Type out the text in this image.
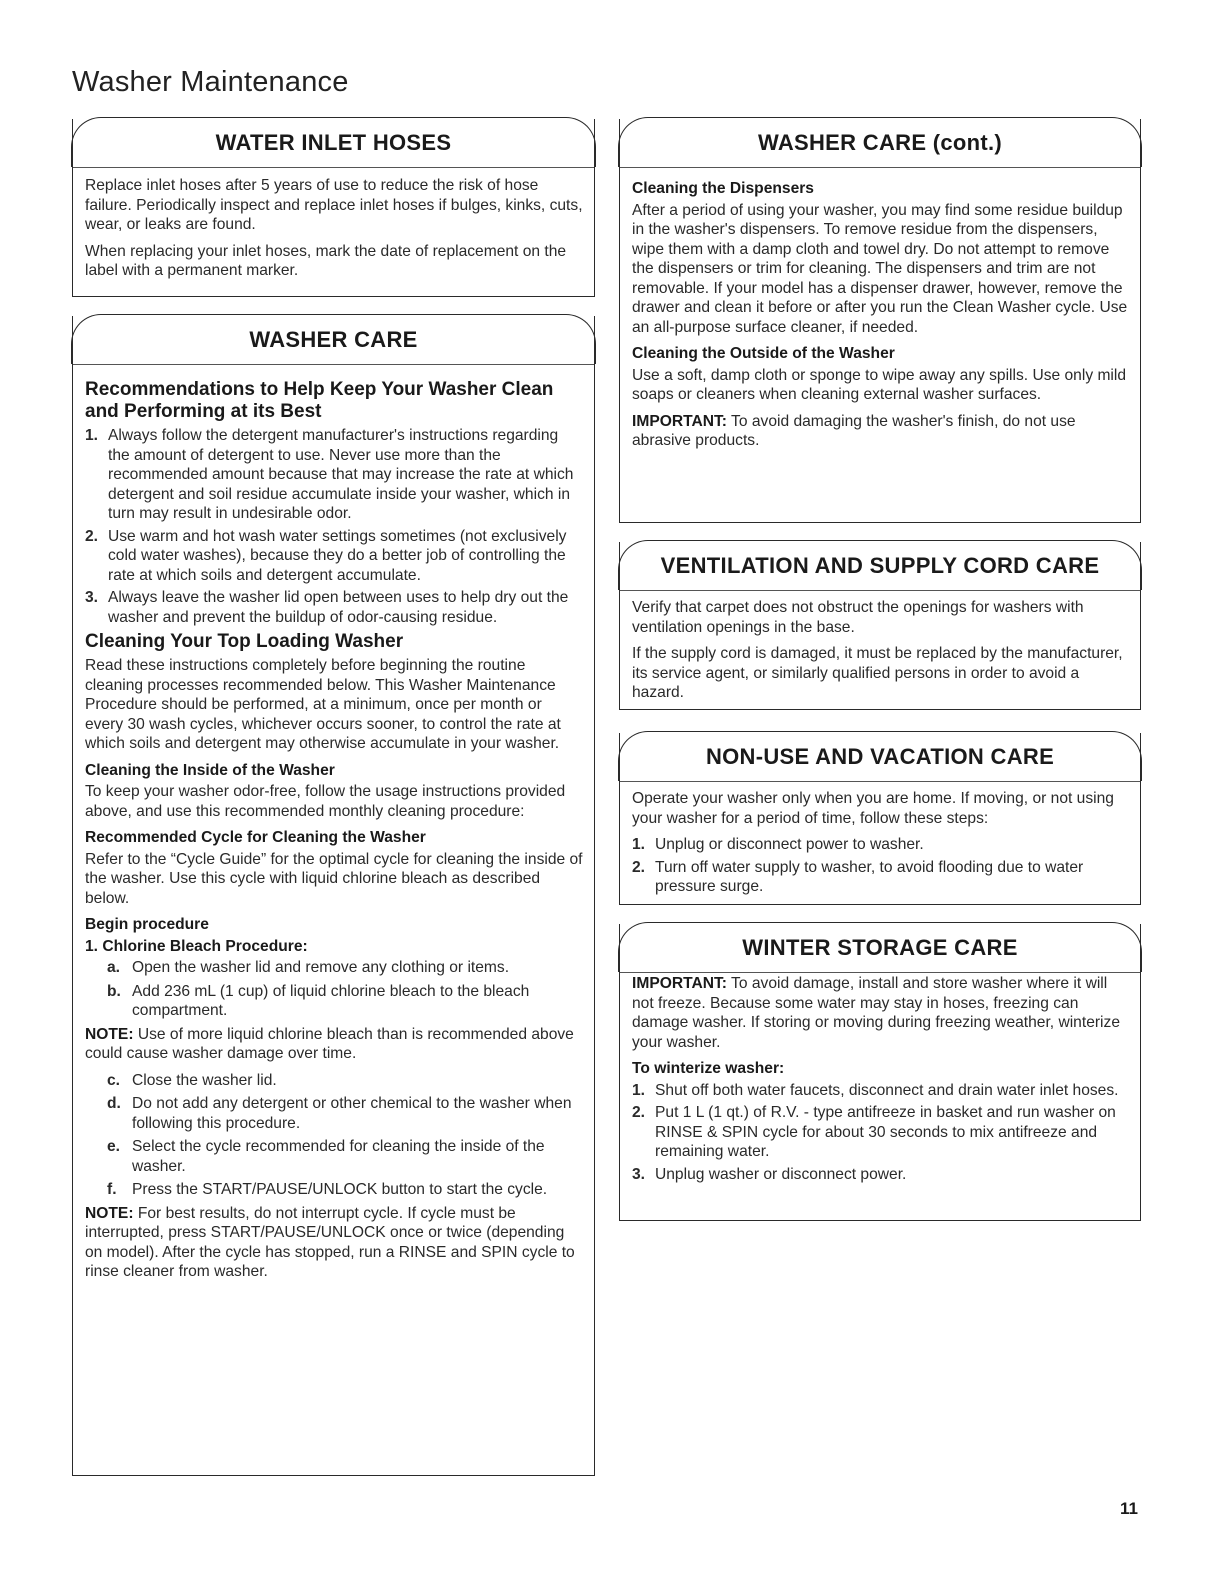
Washer Maintenance
WATER INLET HOSES

Replace inlet hoses after 5 years of use to reduce the risk of hose failure. Periodically inspect and replace inlet hoses if bulges, kinks, cuts, wear, or leaks are found.

When replacing your inlet hoses, mark the date of replacement on the label with a permanent marker.

WASHER CARE
Recommendations to Help Keep Your Washer Clean and Performing at its Best
1. Always follow the detergent manufacturer's instructions regarding the amount of detergent to use. Never use more than the recommended amount because that may increase the rate at which detergent and soil residue accumulate inside your washer, which in turn may result in undesirable odor.
2. Use warm and hot wash water settings sometimes (not exclusively cold water washes), because they do a better job of controlling the rate at which soils and detergent accumulate.
3. Always leave the washer lid open between uses to help dry out the washer and prevent the buildup of odor-causing residue.
Cleaning Your Top Loading Washer

Read these instructions completely before beginning the routine cleaning processes recommended below. This Washer Maintenance Procedure should be performed, at a minimum, once per month or every 30 wash cycles, whichever occurs sooner, to control the rate at which soils and detergent may otherwise accumulate in your washer.

Cleaning the Inside of the Washer

To keep your washer odor-free, follow the usage instructions provided above, and use this recommended monthly cleaning procedure:

Recommended Cycle for Cleaning the Washer

Refer to the “Cycle Guide” for the optimal cycle for cleaning the inside of the washer. Use this cycle with liquid chlorine bleach as described below.

Begin procedure
1. Chlorine Bleach Procedure:
a. Open the washer lid and remove any clothing or items.
b. Add 236 mL (1 cup) of liquid chlorine bleach to the bleach compartment.

NOTE: Use of more liquid chlorine bleach than is recommended above could cause washer damage over time.

c. Close the washer lid.
d. Do not add any detergent or other chemical to the washer when following this procedure.
e. Select the cycle recommended for cleaning the inside of the washer.
f. Press the START/PAUSE/UNLOCK button to start the cycle.

NOTE: For best results, do not interrupt cycle. If cycle must be interrupted, press START/PAUSE/UNLOCK once or twice (depending on model). After the cycle has stopped, run a RINSE and SPIN cycle to rinse cleaner from washer.

WASHER CARE (cont.)
Cleaning the Dispensers

After a period of using your washer, you may find some residue buildup in the washer's dispensers. To remove residue from the dispensers, wipe them with a damp cloth and towel dry. Do not attempt to remove the dispensers or trim for cleaning. The dispensers and trim are not removable. If your model has a dispenser drawer, however, remove the drawer and clean it before or after you run the Clean Washer cycle. Use an all-purpose surface cleaner, if needed.

Cleaning the Outside of the Washer

Use a soft, damp cloth or sponge to wipe away any spills. Use only mild soaps or cleaners when cleaning external washer surfaces.

IMPORTANT: To avoid damaging the washer's finish, do not use abrasive products.

VENTILATION AND SUPPLY CORD CARE

Verify that carpet does not obstruct the openings for washers with ventilation openings in the base.

If the supply cord is damaged, it must be replaced by the manufacturer, its service agent, or similarly qualified persons in order to avoid a hazard.

NON-USE AND VACATION CARE

Operate your washer only when you are home. If moving, or not using your washer for a period of time, follow these steps:

1. Unplug or disconnect power to washer.
2. Turn off water supply to washer, to avoid flooding due to water pressure surge.
WINTER STORAGE CARE

IMPORTANT: To avoid damage, install and store washer where it will not freeze. Because some water may stay in hoses, freezing can damage washer. If storing or moving during freezing weather, winterize your washer.

To winterize washer:
1. Shut off both water faucets, disconnect and drain water inlet hoses.
2. Put 1 L (1 qt.) of R.V. - type antifreeze in basket and run washer on RINSE & SPIN cycle for about 30 seconds to mix antifreeze and remaining water.
3. Unplug washer or disconnect power.
11
